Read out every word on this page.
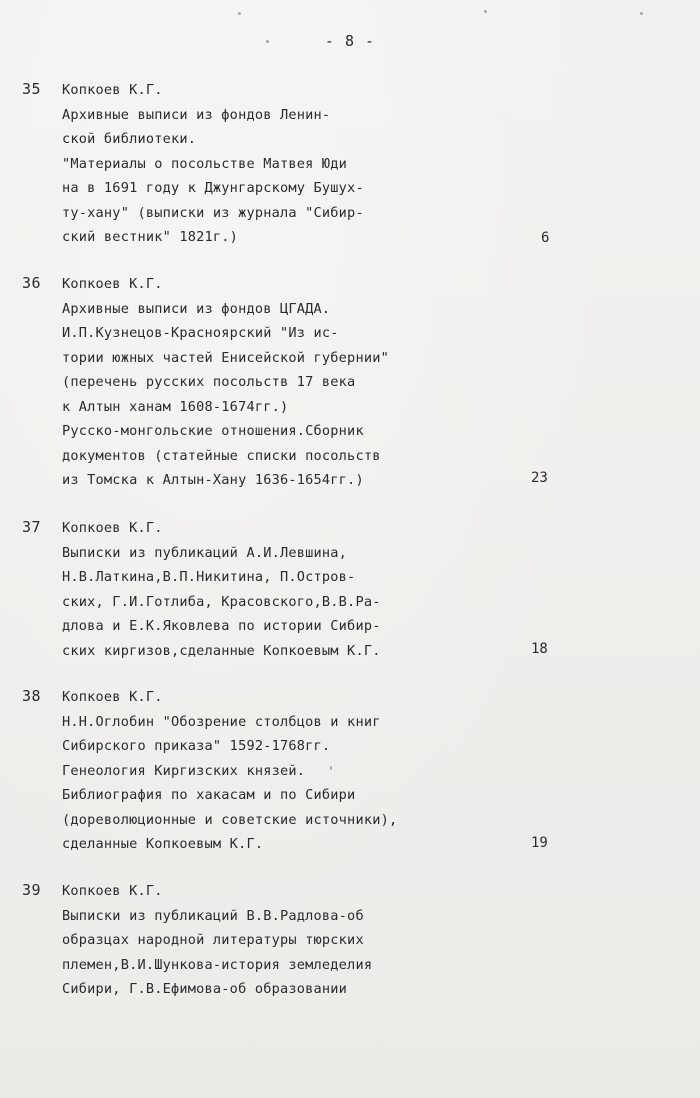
- 8 -
35 Копкоев К.Г.
Архивные выписи из фондов Ленин-
ской библиотеки.
"Материалы о посольстве Матвея Юди
на в 1691 году к Джунгарскому Бушух-
ту-хану" (выписки из журнала "Сибир-
ский вестник" 1821г.)	6
36 Копкоев К.Г.
Архивные выписи из фондов ЦГАДА.
И.П.Кузнецов-Красноярский "Из ис-
тории южных частей Енисейской губернии"
(перечень русских посольств 17 века
к Алтын ханам 1608-1674гг.)
Русско-монгольские отношения.Сборник
документов (статейные списки посольств
из Томска к Алтын-Хану 1636-1654гг.)	23
37 Копкоев К.Г.
Выписки из публикаций А.И.Левшина,
Н.В.Латкина,В.П.Никитина, П.Остров-
ских, Г.И.Готлиба, Красовского,В.В.Ра-
длова и Е.К.Яковлева по истории Сибир-
ских киргизов,сделанные Копкоевым К.Г.	18
38 Копкоев К.Г.
Н.Н.Оглобин "Обозрение столбцов и книг
Сибирского приказа" 1592-1768гг.
Генеология Киргизских князей.
Библиография по хакасам и по Сибири
(дореволюционные и советские источники),
сделанные Копкоевым К.Г.	19
39 Копкоев К.Г.
Выписки из публикаций В.В.Радлова-об
образцах народной литературы тюрских
племен,В.И.Шункова-история земледелия
Сибири, Г.В.Ефимова-об образовании
